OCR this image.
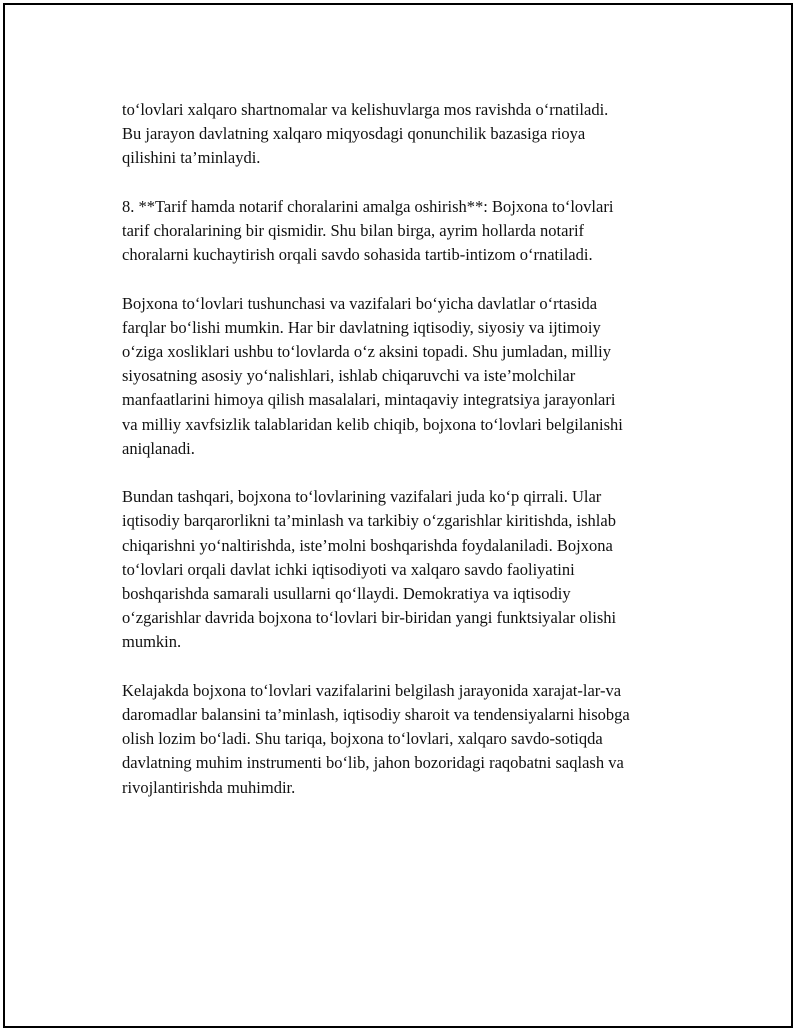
to‘lovlari xalqaro shartnomalar va kelishuvlarga mos ravishda o‘rnatiladi.
Bu jarayon davlatning xalqaro miqyosdagi qonunchilik bazasiga rioya
qilishini ta’minlaydi.

8. **Tarif hamda notarif choralarini amalga oshirish**: Bojxona to‘lovlari
tarif choralarining bir qismidir. Shu bilan birga, ayrim hollarda notarif
choralarni kuchaytirish orqali savdo sohasida tartib-intizom o‘rnatiladi.

Bojxona to‘lovlari tushunchasi va vazifalari bo‘yicha davlatlar o‘rtasida
farqlar bo‘lishi mumkin. Har bir davlatning iqtisodiy, siyosiy va ijtimoiy
o‘ziga xosliklari ushbu to‘lovlarda o‘z aksini topadi. Shu jumladan, milliy
siyosatning asosiy yo‘nalishlari, ishlab chiqaruvchi va iste’molchilar
manfaatlarini himoya qilish masalalari, mintaqaviy integratsiya jarayonlari
va milliy xavfsizlik talablaridan kelib chiqib, bojxona to‘lovlari belgilanishi
aniqlanadi.

Bundan tashqari, bojxona to‘lovlarining vazifalari juda ko‘p qirrali. Ular
iqtisodiy barqarorlikni ta’minlash va tarkibiy o‘zgarishlar kiritishda, ishlab
chiqarishni yo‘naltirishda, iste’molni boshqarishda foydalaniladi. Bojxona
to‘lovlari orqali davlat ichki iqtisodiyoti va xalqaro savdo faoliyatini
boshqarishda samarali usullarni qo‘llaydi. Demokratiya va iqtisodiy
o‘zgarishlar davrida bojxona to‘lovlari bir-biridan yangi funktsiyalar olishi
mumkin.

Kelajakda bojxona to‘lovlari vazifalarini belgilash jarayonida xarajat-lar-va
daromadlar balansini ta’minlash, iqtisodiy sharoit va tendensiyalarni hisobga
olish lozim bo‘ladi. Shu tariqa, bojxona to‘lovlari, xalqaro savdo-sotiqda
davlatning muhim instrumenti bo‘lib, jahon bozoridagi raqobatni saqlash va
rivojlantirishda muhimdir.
